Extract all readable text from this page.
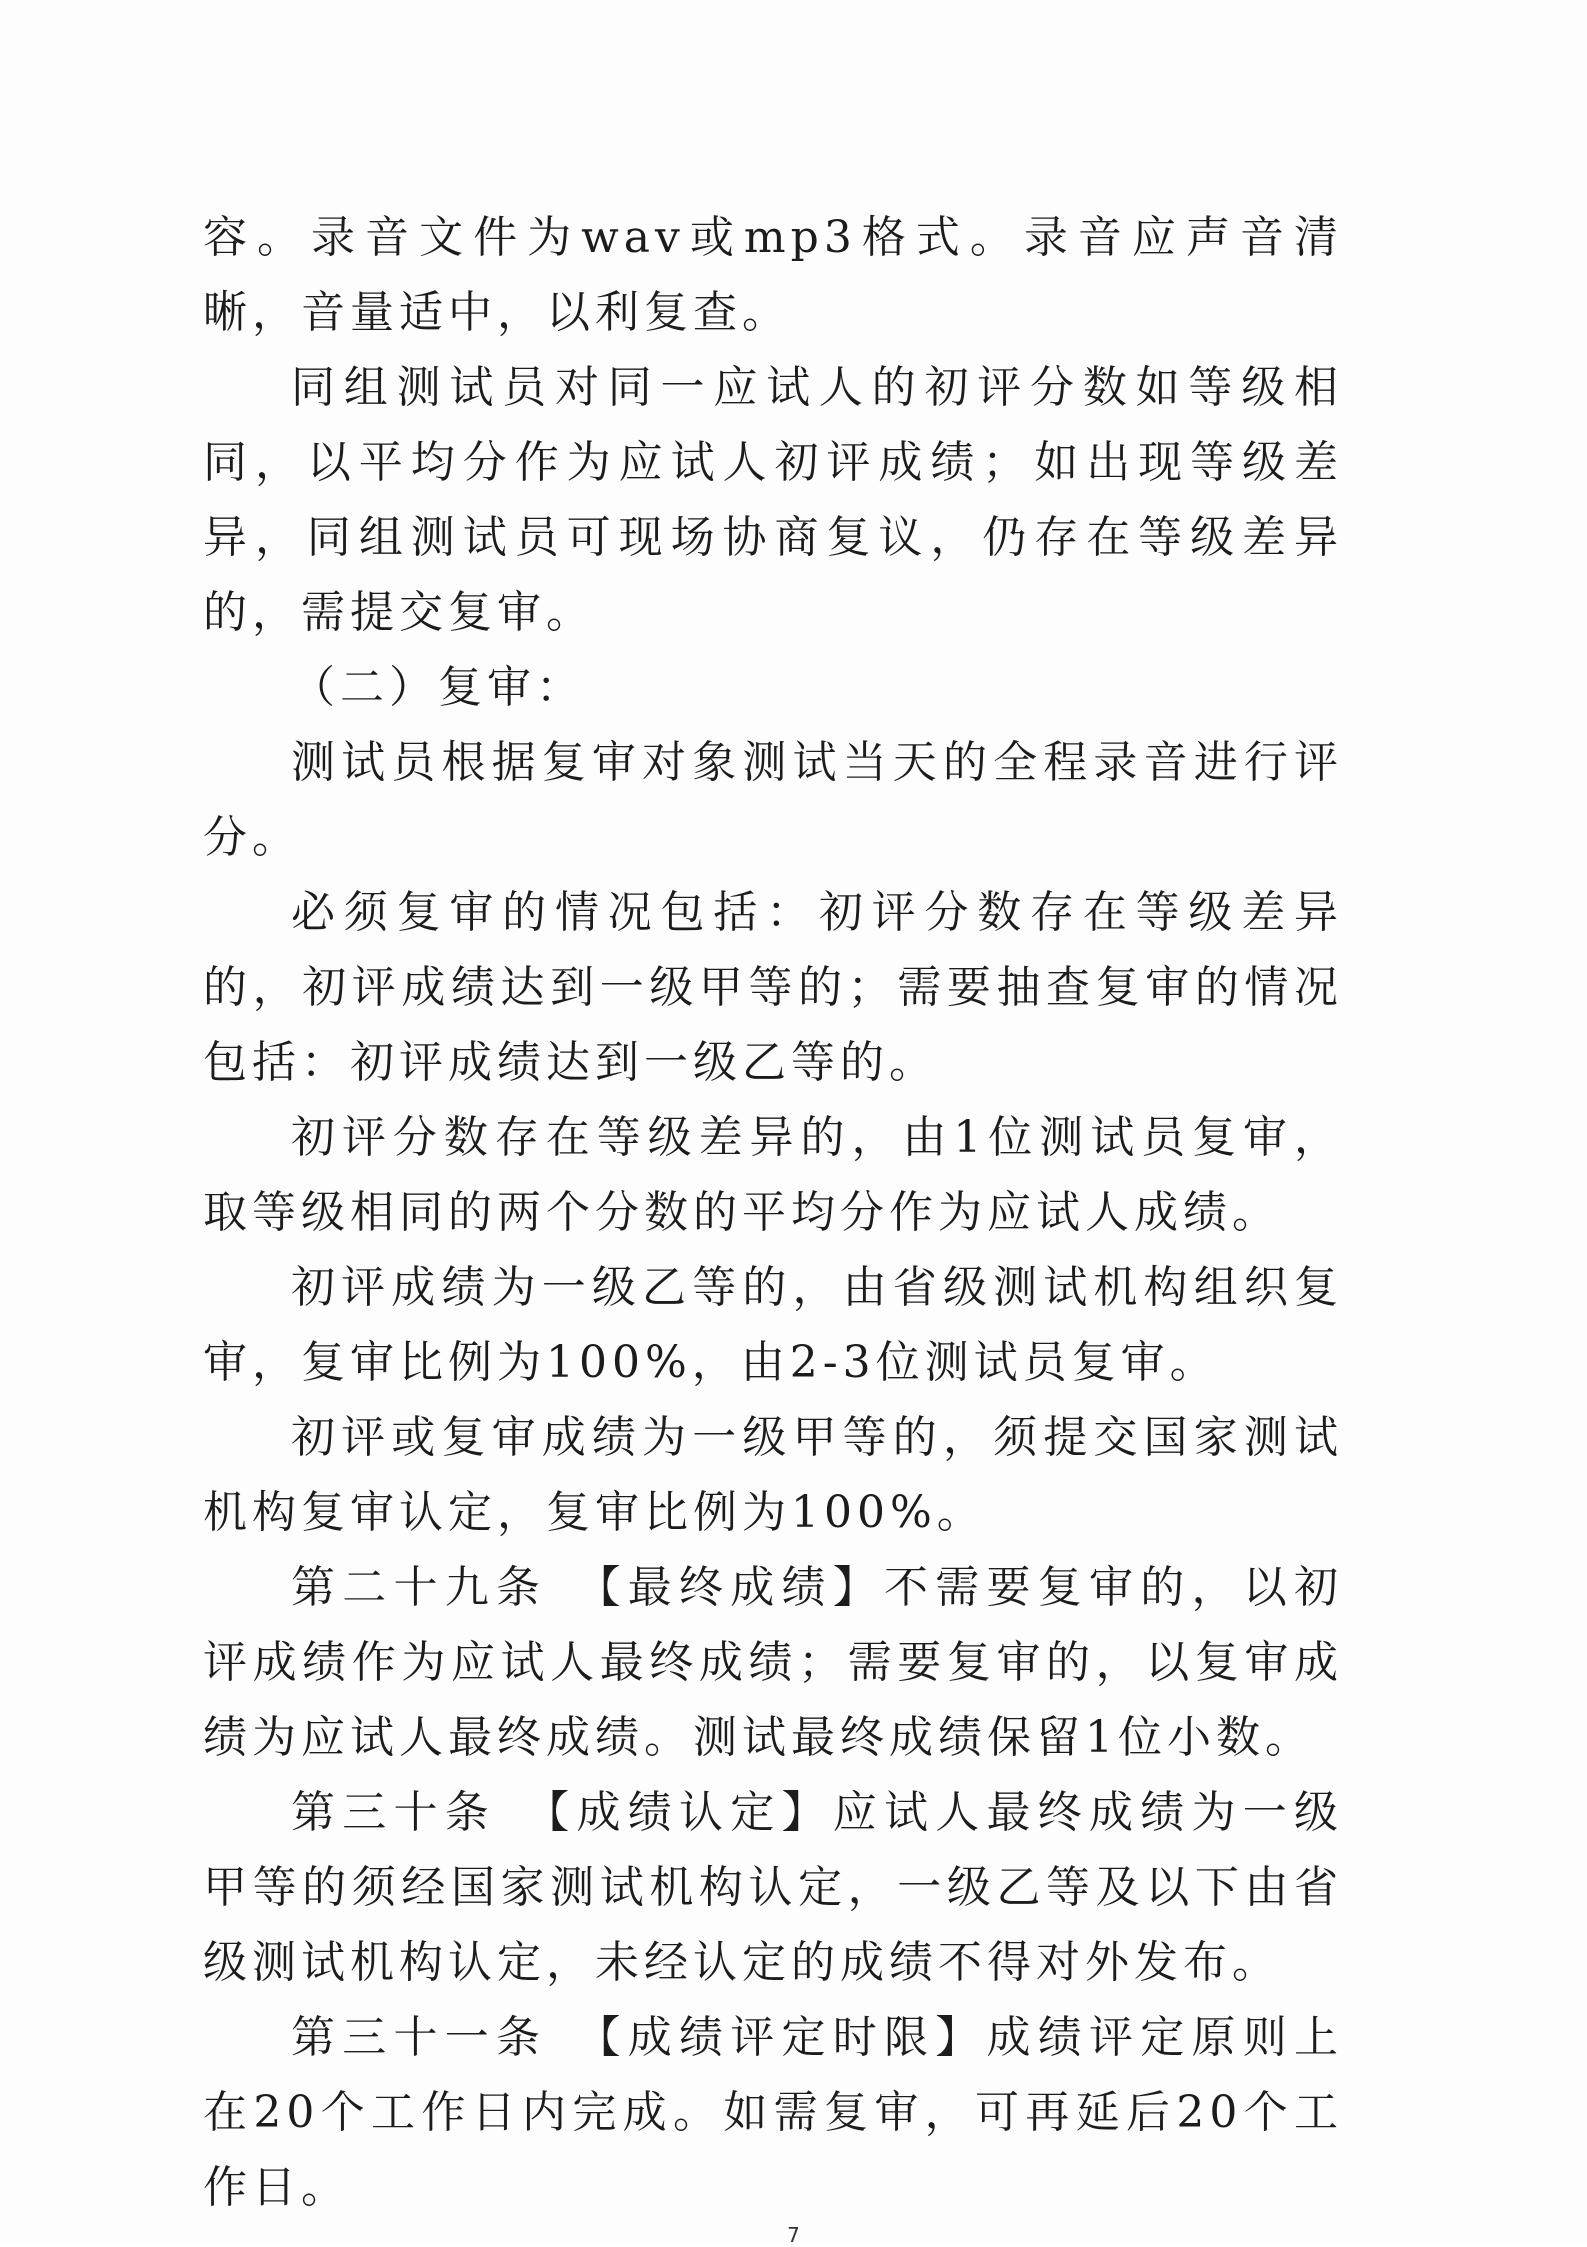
容。录音文件为wav或mp3格式。录音应声音清晰，音量适中，以利复查。

同组测试员对同一应试人的初评分数如等级相同，以平均分作为应试人初评成绩；如出现等级差异，同组测试员可现场协商复议，仍存在等级差异的，需提交复审。

（二）复审：

测试员根据复审对象测试当天的全程录音进行评分。

必须复审的情况包括：初评分数存在等级差异的，初评成绩达到一级甲等的；需要抽查复审的情况包括：初评成绩达到一级乙等的。

初评分数存在等级差异的，由1位测试员复审，取等级相同的两个分数的平均分作为应试人成绩。

初评成绩为一级乙等的，由省级测试机构组织复审，复审比例为100%，由2-3位测试员复审。

初评或复审成绩为一级甲等的，须提交国家测试机构复审认定，复审比例为100%。

第二十九条　【最终成绩】不需要复审的，以初评成绩作为应试人最终成绩；需要复审的，以复审成绩为应试人最终成绩。测试最终成绩保留1位小数。

第三十条　【成绩认定】应试人最终成绩为一级甲等的须经国家测试机构认定，一级乙等及以下由省级测试机构认定，未经认定的成绩不得对外发布。

第三十一条　【成绩评定时限】成绩评定原则上在20个工作日内完成。如需复审，可再延后20个工作日。

7
